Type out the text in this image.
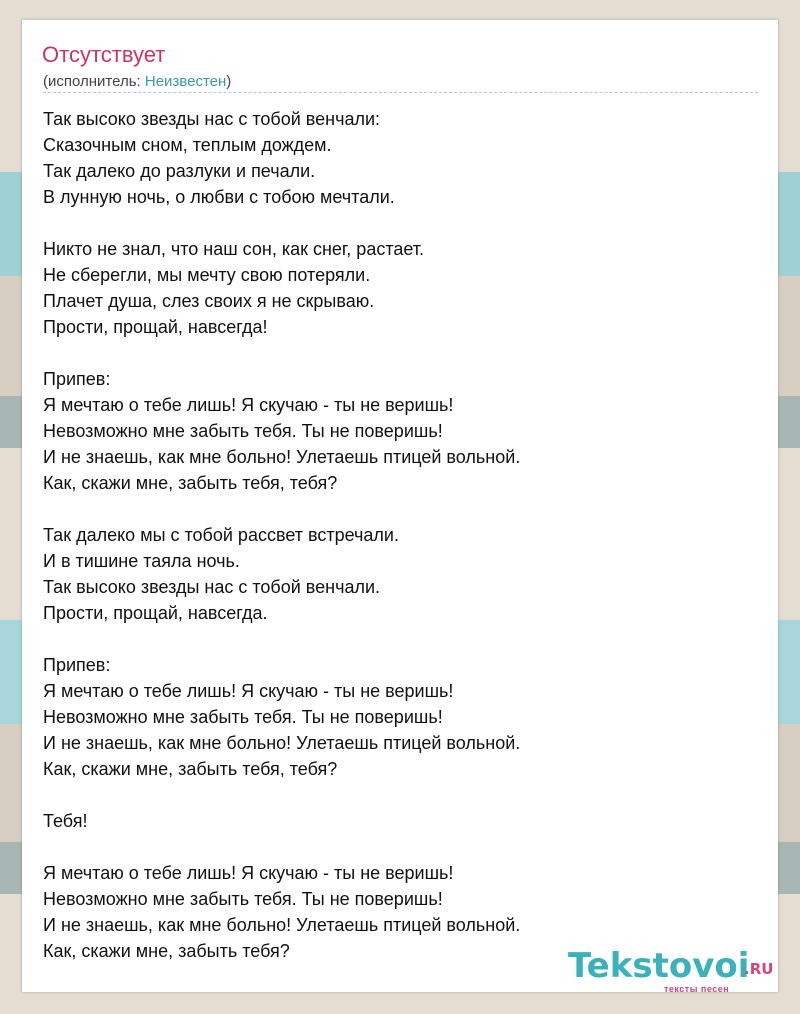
Отсутствует
(исполнитель: Неизвестен)
Так высоко звезды нас с тобой венчали:
Сказочным сном, теплым дождем.
Так далеко до разлуки и печали.
В лунную ночь, о любви с тобою мечтали.
Никто не знал, что наш сон, как снег, растает.
Не сберегли, мы мечту свою потеряли.
Плачет душа, слез своих я не скрываю.
Прости, прощай, навсегда!
Припев:
Я мечтаю о тебе лишь! Я скучаю - ты не веришь!
Невозможно мне забыть тебя. Ты не поверишь!
И не знаешь, как мне больно! Улетаешь птицей вольной.
Как, скажи мне, забыть тебя, тебя?
Так далеко мы с тобой рассвет встречали.
И в тишине таяла ночь.
Так высоко звезды нас с тобой венчали.
Прости, прощай, навсегда.
Припев:
Я мечтаю о тебе лишь! Я скучаю - ты не веришь!
Невозможно мне забыть тебя. Ты не поверишь!
И не знаешь, как мне больно! Улетаешь птицей вольной.
Как, скажи мне, забыть тебя, тебя?
Тебя!
Я мечтаю о тебе лишь! Я скучаю - ты не веришь!
Невозможно мне забыть тебя. Ты не поверишь!
И не знаешь, как мне больно! Улетаешь птицей вольной.
Как, скажи мне, забыть тебя?	Tekstovoi
.RU
тексты песен
